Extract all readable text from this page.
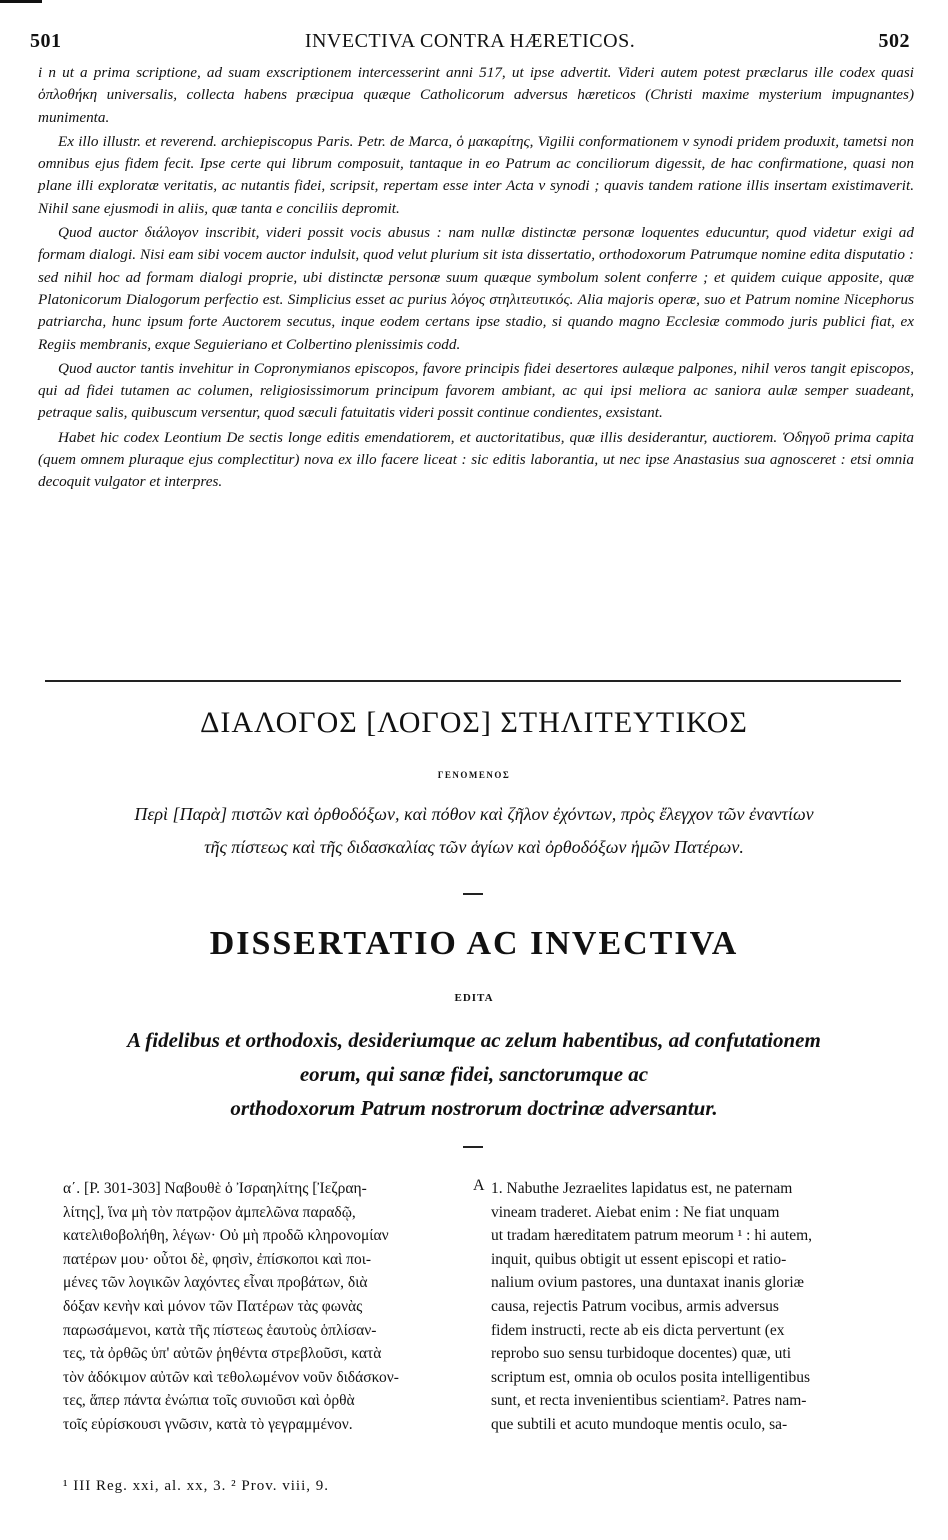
INVECTIVA CONTRA HÆRETICOS.
501	502

i n ut a prima scriptione, ad suam exscriptionem intercesserint anni 517, ut ipse advertit. Videri autem potest præclarus ille codex quasi ὁπλοθήκη universalis, collecta habens præcipua quæque Catholicorum adversus hæreticos (Christi maxime mysterium impugnantes) munimenta.

Ex illo illustr. et reverend. archiepiscopus Paris. Petr. de Marca, ὁ μακαρίτης, Vigilii conformationem v synodi pridem produxit, tametsi non omnibus ejus fidem fecit. Ipse certe qui librum composuit, tantaque in eo Patrum ac conciliorum digessit, de hac confirmatione, quasi non plane illi exploratæ veritatis, ac nutantis fidei, scripsit, repertam esse inter Acta v synodi ; quavis tandem ratione illis insertam existimaverit. Nihil sane ejusmodi in aliis, quæ tanta e conciliis depromit.

Quod auctor διάλογον inscribit, videri possit vocis abusus : nam nullæ distinctæ personæ loquentes educuntur, quod videtur exigi ad formam dialogi. Nisi eam sibi vocem auctor indulsit, quod velut plurium sit ista dissertatio, orthodoxorum Patrumque nomine edita disputatio : sed nihil hoc ad formam dialogi proprie, ubi distinctæ personæ suum quæque symbolum solent conferre ; et quidem cuique apposite, quæ Platonicorum Dialogorum perfectio est. Simplicius esset ac purius λόγος στηλιτευτικός. Alia majoris operæ, suo et Patrum nomine Nicephorus patriarcha, hunc ipsum forte Auctorem secutus, inque eodem certans ipse stadio, si quando magno Ecclesiæ commodo juris publici fiat, ex Regiis membranis, exque Seguieriano et Colbertino plenissimis codd.

Quod auctor tantis invehitur in Copronymianos episcopos, favore principis fidei desertores aulæque palpones, nihil veros tangit episcopos, qui ad fidei tutamen ac columen, religiosissimorum principum favorem ambiant, ac qui ipsi meliora ac saniora aulæ semper suadeant, petraque salis, quibuscum versentur, quod sæculi fatuitatis videri possit continue condientes, exsistant.

Habet hic codex Leontium De sectis longe editis emendatiorem, et auctoritatibus, quæ illis desiderantur, auctiorem. Ὁδηγοῦ prima capita (quem omnem pluraque ejus complectitur) nova ex illo facere liceat : sic editis laborantia, ut nec ipse Anastasius sua agnosceret : etsi omnia decoquit vulgator et interpres.

ΔΙΑΛΟΓΟΣ [ΛΟΓΟΣ] ΣΤΗΛΙΤΕΥΤΙΚΟΣ
ΓΕΝΟΜΕΝΟΣ
Περὶ [Παρὰ] πιστῶν καὶ ὀρθοδόξων, καὶ πόθον καὶ ζῆλον ἐχόντων, πρὸς ἔλεγχον τῶν ἐναντίων
τῆς πίστεως καὶ τῆς διδασκαλίας τῶν ἁγίων καὶ ὀρθοδόξων ἡμῶν Πατέρων.
DISSERTATIO AC INVECTIVA
EDITA
A fidelibus et orthodoxis, desideriumque ac zelum habentibus, ad confutationem
eorum, qui sanæ fidei, sanctorumque ac
orthodoxorum Patrum nostrorum doctrinæ adversantur.
α΄. [P. 301-303] Ναβουθὲ ὁ Ἰσραηλίτης [Ἰεζραη-
λίτης], ἵνα μὴ τὸν πατρῷον ἀμπελῶνα παραδῷ,
κατελιθοβολήθη, λέγων· Οὐ μὴ προδῶ κληρονομίαν
πατέρων μου· οὗτοι δὲ, φησὶν, ἐπίσκοποι καὶ ποι-
μένες τῶν λογικῶν λαχόντες εἶναι προβάτων, διὰ
δόξαν κενὴν καὶ μόνον τῶν Πατέρων τὰς φωνὰς
παρωσάμενοι, κατὰ τῆς πίστεως ἑαυτοὺς ὁπλίσαν-
τες, τὰ ὀρθῶς ὑπ' αὐτῶν ῥηθέντα στρεβλοῦσι, κατὰ
τὸν ἀδόκιμον αὐτῶν καὶ τεθολωμένον νοῦν διδάσκον-
τες, ἅπερ πάντα ἐνώπια τοῖς συνιοῦσι καὶ ὀρθὰ
τοῖς εὑρίσκουσι γνῶσιν, κατὰ τὸ γεγραμμένον.
A 1. Nabuthe Jezraelites lapidatus est, ne paternam
vineam traderet. Aiebat enim : Ne fiat unquam
ut tradam hæreditatem patrum meorum ¹ : hi autem,
inquit, quibus obtigit ut essent episcopi et ratio-
nalium ovium pastores, una duntaxat inanis gloriæ
causa, rejectis Patrum vocibus, armis adversus
fidem instructi, recte ab eis dicta pervertunt (ex
reprobo suo sensu turbidoque docentes) quæ, uti
scriptum est, omnia ob oculos posita intelligentibus
sunt, et recta invenientibus scientiam². Patres nam-
que subtili et acuto mundoque mentis oculo, sa-
¹ III Reg. xxi, al. xx, 3. ² Prov. viii, 9.
